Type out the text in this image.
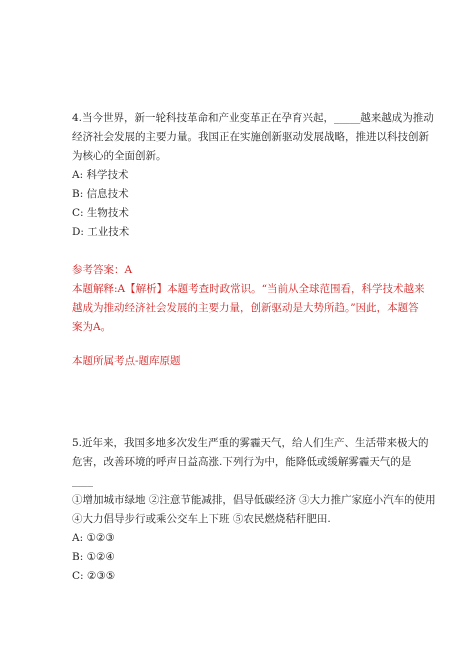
4.当今世界，新一轮科技革命和产业变革正在孕育兴起，_____越来越成为推动
经济社会发展的主要力量。我国正在实施创新驱动发展战略，推进以科技创新
为核心的全面创新。
A: 科学技术
B: 信息技术
C: 生物技术
D: 工业技术
参考答案：A
本题解释:A【解析】本题考查时政常识。“当前从全球范围看，科学技术越来
越成为推动经济社会发展的主要力量，创新驱动是大势所趋。”因此，本题答
案为A。
本题所属考点-题库原题
5.近年来，我国多地多次发生严重的雾霾天气，给人们生产、生活带来极大的
危害，改善环境的呼声日益高涨.下列行为中，能降低或缓解雾霾天气的是
____
①增加城市绿地 ②注意节能减排，倡导低碳经济 ③大力推广家庭小汽车的使用
④大力倡导步行或乘公交车上下班 ⑤农民燃烧秸秆肥田.
A: ①②③
B: ①②④
C: ②③⑤
